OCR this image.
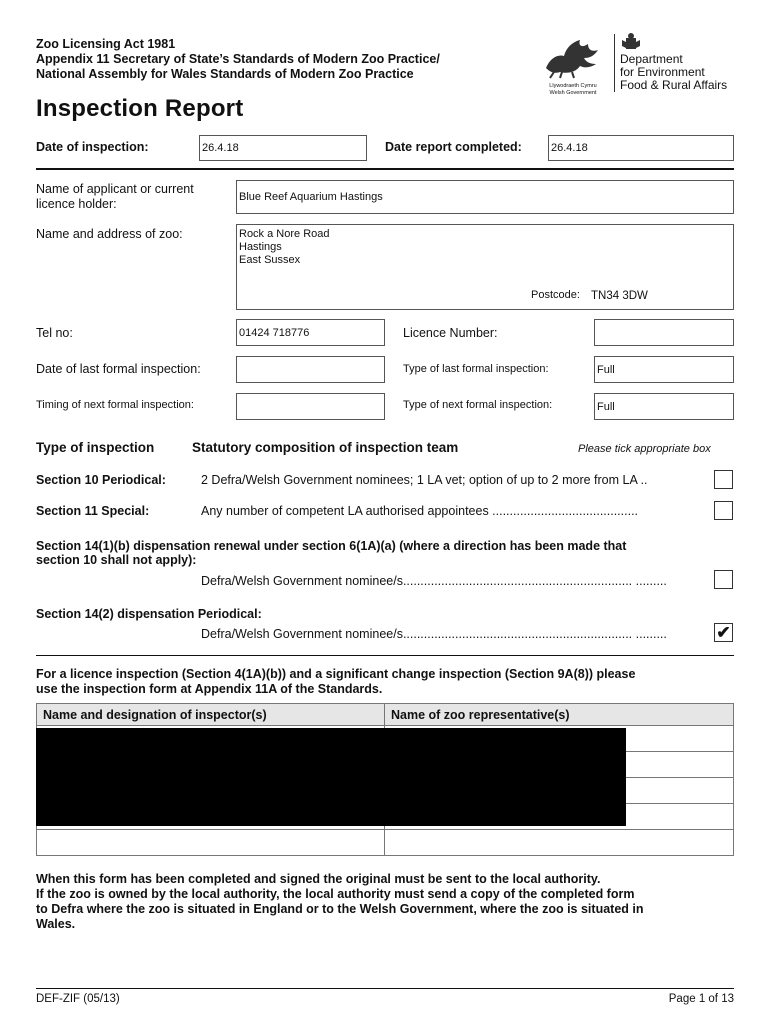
Zoo Licensing Act 1981
Appendix 11 Secretary of State’s Standards of Modern Zoo Practice/
National Assembly for Wales Standards of Modern Zoo Practice
Llywodraeth Cymru
Welsh Government
Department
for Environment
Food & Rural Affairs
Inspection Report
Date of inspection:	26.4.18	Date report completed:	26.4.18
Name of applicant or current licence holder:	Blue Reef Aquarium Hastings
Name and address of zoo:	Rock a Nore Road
Hastings
East Sussex
Postcode: TN34 3DW
Tel no:	01424 718776	Licence Number:
Date of last formal inspection:	Type of last formal inspection:	Full
Timing of next formal inspection:	Type of next formal inspection:	Full
Type of inspection	Statutory composition of inspection team	Please tick appropriate box
Section 10 Periodical:	2 Defra/Welsh Government nominees; 1 LA vet; option of up to 2 more from LA ..
Section 11 Special:	Any number of competent LA authorised appointees ..........................................
Section 14(1)(b) dispensation renewal under section 6(1A)(a) (where a direction has been made that
section 10 shall not apply):
Defra/Welsh Government nominee/s.................................................................. .........
Section 14(2) dispensation Periodical:
Defra/Welsh Government nominee/s.................................................................. .........	✔
For a licence inspection (Section 4(1A)(b)) and a significant change inspection (Section 9A(8)) please
use the inspection form at Appendix 11A of the Standards.
Name and designation of inspector(s)	Name of zoo representative(s)

When this form has been completed and signed the original must be sent to the local authority.
If the zoo is owned by the local authority, the local authority must send a copy of the completed form
to Defra where the zoo is situated in England or to the Welsh Government, where the zoo is situated in
Wales.
DEF-ZIF (05/13)	Page 1 of 13
